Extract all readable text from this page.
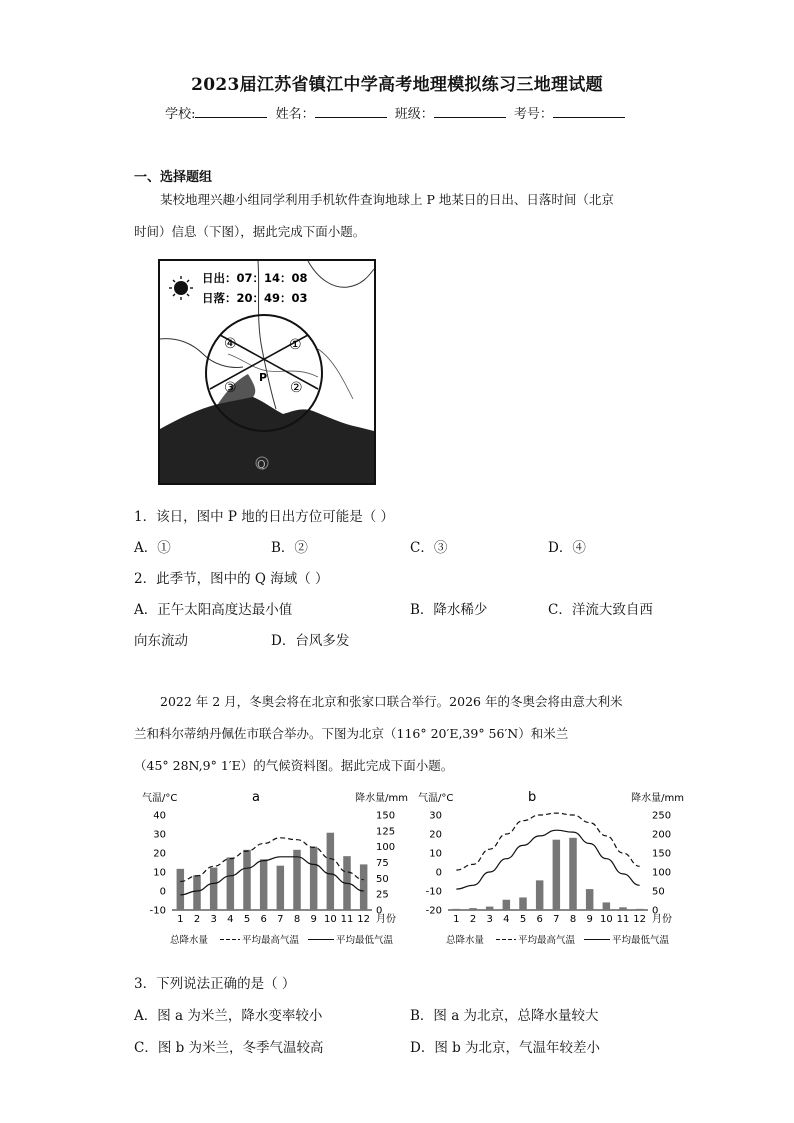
2023届江苏省镇江中学高考地理模拟练习三地理试题
学校:	姓名：	班级：	考号：
一、选择题组
某校地理兴趣小组同学利用手机软件查询地球上 P 地某日的日出、日落时间（北京
时间）信息（下图），据此完成下面小题。
日出：07：14：08
日落：20：49：03
P
①
②
③
④
Q
1．该日，图中 P 地的日出方位可能是（ ）
A．①	B．②	C．③	D．④
2．此季节，图中的 Q 海域（ ）
A．正午太阳高度达最小值	B．降水稀少	C．洋流大致自西
向东流动	D．台风多发
2022 年 2 月，冬奥会将在北京和张家口联合举行。2026 年的冬奥会将由意大利米
兰和科尔蒂纳丹佩佐市联合举办。下图为北京（116° 20′E,39° 56′N）和米兰
（45° 28N,9° 1′E）的气候资料图。据此完成下面小题。
气温/°C	降水量/mm
a
40
30
20
10
0
-10
150
125
100
75
50
25
0
1 2 3 4 5 6 7 8 9 10 11 12 月份
总降水量	平均最高气温	平均最低气温
气温/°C	降水量/mm
b
30
20
10
0
-10
-20
250
200
150
100
50
0
1 2 3 4 5 6 7 8 9 10 11 12 月份
总降水量	平均最高气温	平均最低气温
3．下列说法正确的是（ ）
A．图 a 为米兰，降水变率较小	B．图 a 为北京，总降水量较大
C．图 b 为米兰，冬季气温较高	D．图 b 为北京，气温年较差小
